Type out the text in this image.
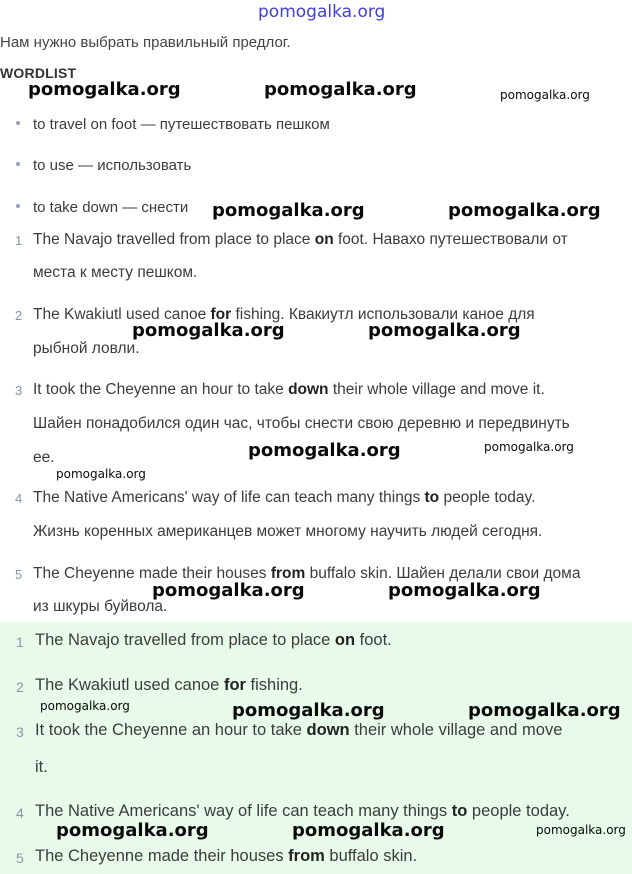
pomogalka.org
Нам нужно выбрать правильный предлог.
WORDLIST
to travel on foot — путешествовать пешком
to use — использовать
to take down — снести
1 The Navajo travelled from place to place on foot. Навахо путешествовали от
места к месту пешком.
2 The Kwakiutl used canoe for fishing. Квакиутл использовали каное для
рыбной ловли.
3 It took the Cheyenne an hour to take down their whole village and move it.
Шайен понадобился один час, чтобы снести свою деревню и передвинуть
ее.
4 The Native Americans' way of life can teach many things to people today.
Жизнь коренных американцев может многому научить людей сегодня.
5 The Cheyenne made their houses from buffalo skin. Шайен делали свои дома
из шкуры буйвола.
1 The Navajo travelled from place to place on foot.
2 The Kwakiutl used canoe for fishing.
3 It took the Cheyenne an hour to take down their whole village and move
it.
4 The Native Americans' way of life can teach many things to people today.
5 The Cheyenne made their houses from buffalo skin.
pomogalka.org	pomogalka.org	pomogalka.org
pomogalka.org	pomogalka.org
pomogalka.org	pomogalka.org
pomogalka.org	pomogalka.org
pomogalka.org
pomogalka.org	pomogalka.org
pomogalka.org	pomogalka.org	pomogalka.org
pomogalka.org	pomogalka.org	pomogalka.org
